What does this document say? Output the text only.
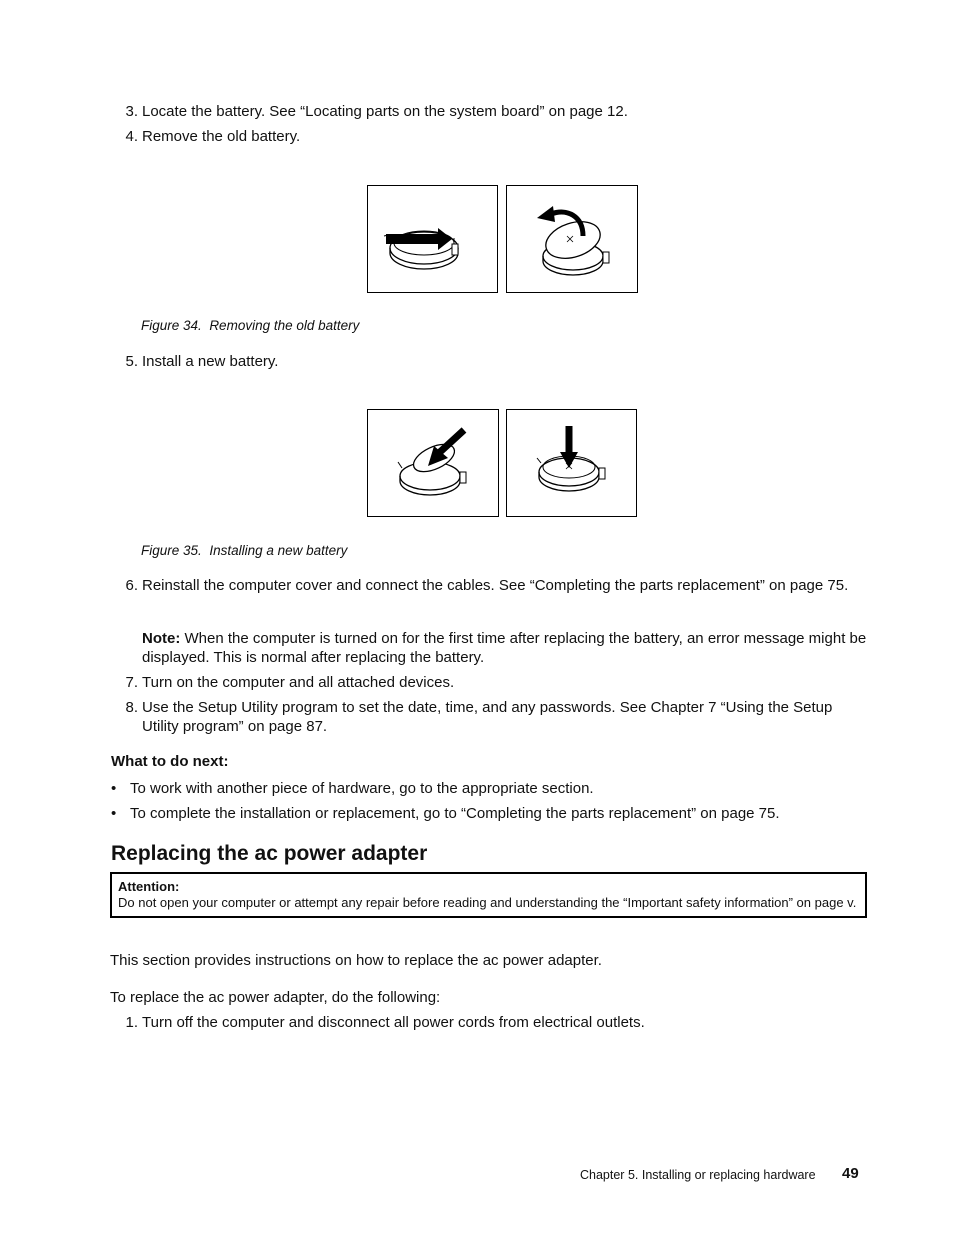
3. Locate the battery. See “Locating parts on the system board” on page 12.
4. Remove the old battery.
Figure 34. Removing the old battery
5. Install a new battery.
Figure 35. Installing a new battery
6. Reinstall the computer cover and connect the cables. See “Completing the parts replacement” on page 75.
Note: When the computer is turned on for the first time after replacing the battery, an error message might be displayed. This is normal after replacing the battery.
7. Turn on the computer and all attached devices.
8. Use the Setup Utility program to set the date, time, and any passwords. See Chapter 7 “Using the Setup Utility program” on page 87.
What to do next:
• To work with another piece of hardware, go to the appropriate section.
• To complete the installation or replacement, go to “Completing the parts replacement” on page 75.
Replacing the ac power adapter
Attention:
Do not open your computer or attempt any repair before reading and understanding the “Important safety information” on page v.
This section provides instructions on how to replace the ac power adapter.
To replace the ac power adapter, do the following:
1. Turn off the computer and disconnect all power cords from electrical outlets.
Chapter 5. Installing or replacing hardware 49
